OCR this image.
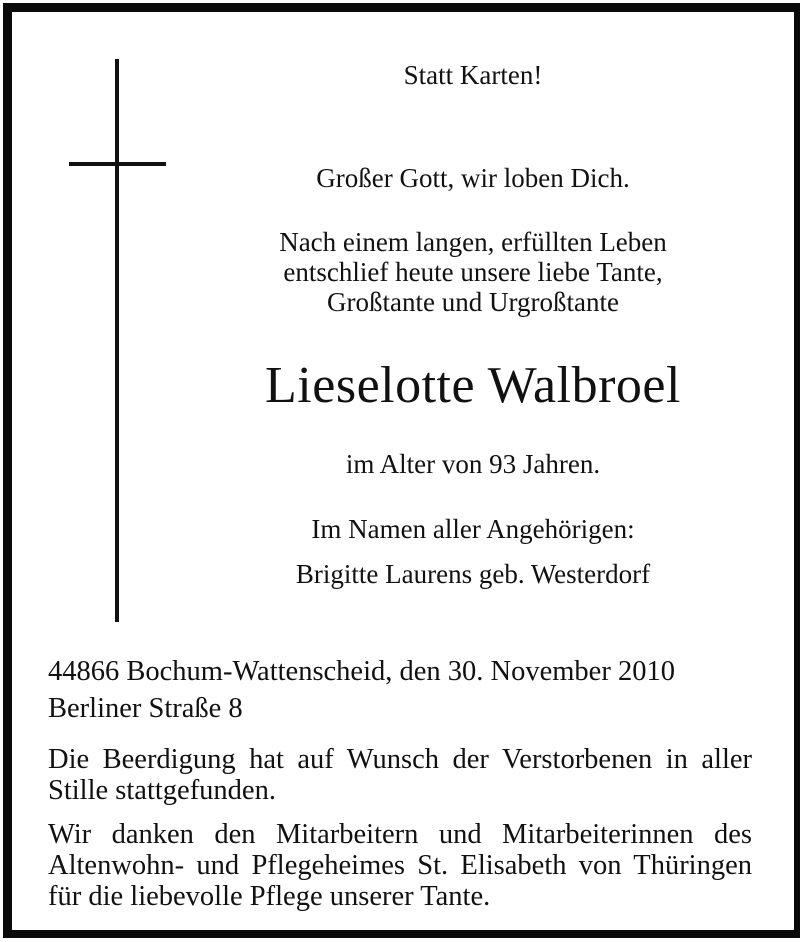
Statt Karten!
Großer Gott, wir loben Dich.
Nach einem langen, erfüllten Leben
entschlief heute unsere liebe Tante,
Großtante und Urgroßtante
Lieselotte Walbroel
im Alter von 93 Jahren.
Im Namen aller Angehörigen:
Brigitte Laurens geb. Westerdorf
44866 Bochum-Wattenscheid, den 30. November 2010
Berliner Straße 8
Die Beerdigung hat auf Wunsch der Verstorbenen in aller
Stille stattgefunden.
Wir danken den Mitarbeitern und Mitarbeiterinnen des
Altenwohn- und Pflegeheimes St. Elisabeth von Thüringen
für die liebevolle Pflege unserer Tante.
